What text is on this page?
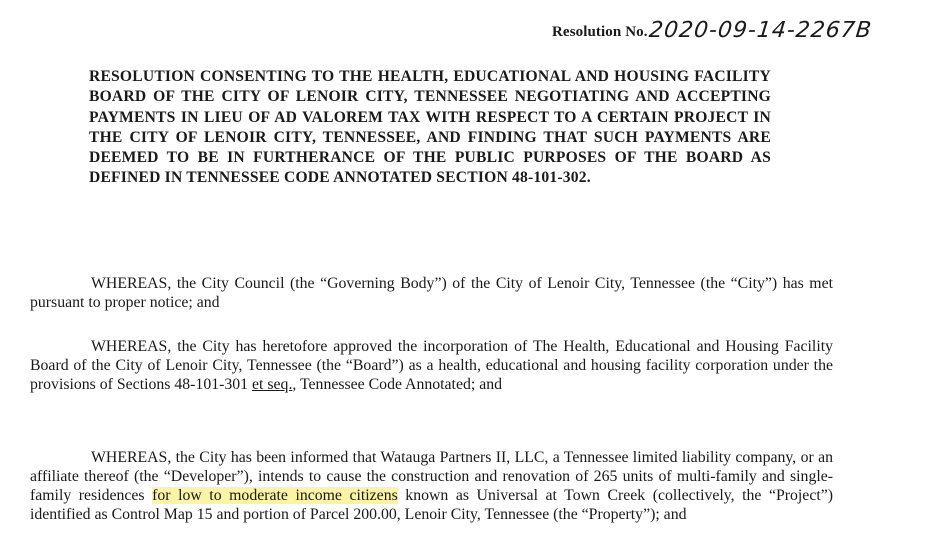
Resolution No. 2020-09-14-2267B
RESOLUTION CONSENTING TO THE HEALTH, EDUCATIONAL AND HOUSING FACILITY BOARD OF THE CITY OF LENOIR CITY, TENNESSEE NEGOTIATING AND ACCEPTING PAYMENTS IN LIEU OF AD VALOREM TAX WITH RESPECT TO A CERTAIN PROJECT IN THE CITY OF LENOIR CITY, TENNESSEE, AND FINDING THAT SUCH PAYMENTS ARE DEEMED TO BE IN FURTHERANCE OF THE PUBLIC PURPOSES OF THE BOARD AS DEFINED IN TENNESSEE CODE ANNOTATED SECTION 48-101-302.

WHEREAS, the City Council (the “Governing Body”) of the City of Lenoir City, Tennessee (the “City”) has met pursuant to proper notice; and

WHEREAS, the City has heretofore approved the incorporation of The Health, Educational and Housing Facility Board of the City of Lenoir City, Tennessee (the “Board”) as a health, educational and housing facility corporation under the provisions of Sections 48-101-301 et seq., Tennessee Code Annotated; and

WHEREAS, the City has been informed that Watauga Partners II, LLC, a Tennessee limited liability company, or an affiliate thereof (the “Developer”), intends to cause the construction and renovation of 265 units of multi-family and single-family residences for low to moderate income citizens known as Universal at Town Creek (collectively, the “Project”) identified as Control Map 15 and portion of Parcel 200.00, Lenoir City, Tennessee (the “Property”); and
